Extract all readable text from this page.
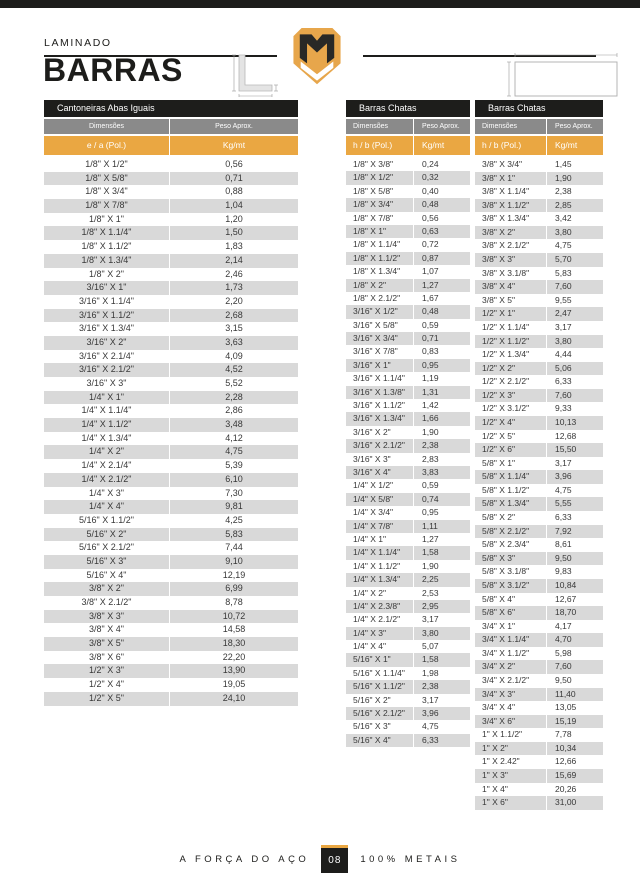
LAMINADO
BARRAS
Cantoneiras Abas Iguais
Dimensões	Peso Aprox.
e / a (Pol.)	Kg/mt
1/8" X 1/2"	0,56
1/8" X 5/8"	0,71
1/8" X 3/4"	0,88
1/8" X 7/8"	1,04
1/8" X 1"	1,20
1/8" X 1.1/4"	1,50
1/8" X 1.1/2"	1,83
1/8" X 1.3/4"	2,14
1/8" X 2"	2,46
3/16" X 1"	1,73
3/16" X 1.1/4"	2,20
3/16" X 1.1/2"	2,68
3/16" X 1.3/4"	3,15
3/16" X 2"	3,63
3/16" X 2.1/4"	4,09
3/16" X 2.1/2"	4,52
3/16" X 3"	5,52
1/4" X 1"	2,28
1/4" X 1.1/4"	2,86
1/4" X 1.1/2"	3,48
1/4" X 1.3/4"	4,12
1/4" X 2"	4,75
1/4" X 2.1/4"	5,39
1/4" X 2.1/2"	6,10
1/4" X 3"	7,30
1/4" X 4"	9,81
5/16" X 1.1/2"	4,25
5/16" X 2"	5,83
5/16" X 2.1/2"	7,44
5/16" X 3"	9,10
5/16" X 4"	12,19
3/8" X 2"	6,99
3/8" X 2.1/2"	8,78
3/8" X 3"	10,72
3/8" X 4"	14,58
3/8" X 5"	18,30
3/8" X 6"	22,20
1/2" X 3"	13,90
1/2" X 4"	19,05
1/2" X 5"	24,10
Barras Chatas
Dimensões	Peso Aprox.
h / b (Pol.)	Kg/mt
1/8" X 3/8"	0,24
1/8" X 1/2"	0,32
1/8" X 5/8"	0,40
1/8" X 3/4"	0,48
1/8" X 7/8"	0,56
1/8" X 1"	0,63
1/8" X 1.1/4"	0,72
1/8" X 1.1/2"	0,87
1/8" X 1.3/4"	1,07
1/8" X 2"	1,27
1/8" X 2.1/2"	1,67
3/16" X 1/2"	0,48
3/16" X 5/8"	0,59
3/16" X 3/4"	0,71
3/16" X 7/8"	0,83
3/16" X 1"	0,95
3/16" X 1.1/4"	1,19
3/16" X 1.3/8"	1,31
3/16" X 1.1/2"	1,42
3/16" X 1.3/4"	1,66
3/16" X 2"	1,90
3/16" X 2.1/2"	2,38
3/16" X 3"	2,83
3/16" X 4"	3,83
1/4" X 1/2"	0,59
1/4" X 5/8"	0,74
1/4" X 3/4"	0,95
1/4" X 7/8"	1,11
1/4" X 1"	1,27
1/4" X 1.1/4"	1,58
1/4" X 1.1/2"	1,90
1/4" X 1.3/4"	2,25
1/4" X 2"	2,53
1/4" X 2.3/8"	2,95
1/4" X 2.1/2"	3,17
1/4" X 3"	3,80
1/4" X 4"	5,07
5/16" X 1"	1,58
5/16" X 1.1/4"	1,98
5/16" X 1.1/2"	2,38
5/16" X 2"	3,17
5/16" X 2.1/2"	3,96
5/16" X 3"	4,75
5/16" X 4"	6,33
Barras Chatas
Dimensões	Peso Aprox.
h / b (Pol.)	Kg/mt
3/8" X 3/4"	1,45
3/8" X 1"	1,90
3/8" X 1.1/4"	2,38
3/8" X 1.1/2"	2,85
3/8" X 1.3/4"	3,42
3/8" X 2"	3,80
3/8" X 2.1/2"	4,75
3/8" X 3"	5,70
3/8" X 3.1/8"	5,83
3/8" X 4"	7,60
3/8" X 5"	9,55
1/2" X 1"	2,47
1/2" X 1.1/4"	3,17
1/2" X 1.1/2"	3,80
1/2" X 1.3/4"	4,44
1/2" X 2"	5,06
1/2" X 2.1/2"	6,33
1/2" X 3"	7,60
1/2" X 3.1/2"	9,33
1/2" X 4"	10,13
1/2" X 5"	12,68
1/2" X 6"	15,50
5/8" X 1"	3,17
5/8" X 1.1/4"	3,96
5/8" X 1.1/2"	4,75
5/8" X 1.3/4"	5,55
5/8" X 2"	6,33
5/8" X 2.1/2"	7,92
5/8" X 2.3/4"	8,61
5/8" X 3"	9,50
5/8" X 3.1/8"	9,83
5/8" X 3.1/2"	10,84
5/8" X 4"	12,67
5/8" X 6"	18,70
3/4" X 1"	4,17
3/4" X 1.1/4"	4,70
3/4" X 1.1/2"	5,98
3/4" X 2"	7,60
3/4" X 2.1/2"	9,50
3/4" X 3"	11,40
3/4" X 4"	13,05
3/4" X 6"	15,19
1" X 1.1/2"	7,78
1" X 2"	10,34
1" X 2.42"	12,66
1" X 3"	15,69
1" X 4"	20,26
1" X 6"	31,00
A FORÇA DO AÇO	08	100% METAIS
